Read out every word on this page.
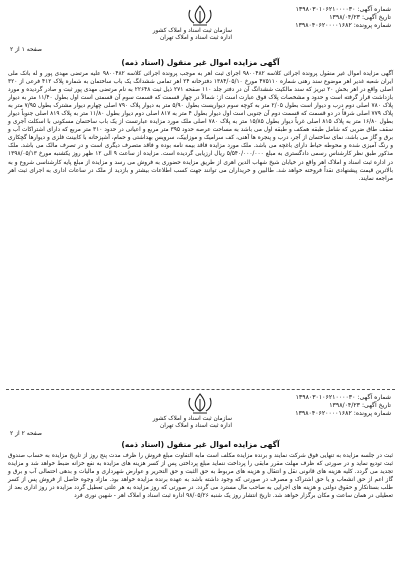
شماره آگهی: ۱۳۹۸۰۳۰۱۰۶۲۱۰۰۰۰۳۰
تاریخ آگهی: ۱۳۹۸/۰۴/۲۳
شماره پرونده: ۱۳۹۸۰۴۰۶۲۰۰۰۰۱۶۸۲
سازمان ثبت اسناد و املاک کشور
اداره ثبت اسناد و املاک تهران
صفحه ۱ از ۲
آگهی مزایده اموال غیر منقول (اسناد ذمه)
آگهی مزایده اموال غیر منقول پرونده اجرائی کلاسه ۹۸۰۰۴۸۲ اجرای ثبت اهر به موجب پرونده اجرائی کلاسه ۹۸۰۰۴۸۲ علیه مرتضی مهدی پور و له بانک ملی ایران شعبه غدیر اهر موضوع سند رهنی شماره ۴۷۵۱۱۰ مورخ ۱۳۸۴/۰۵/۱۰ دفترخانه ۲۴ اهر تمامی ششدانگ یک باب ساختمان به شماره پلاک ۴۱۲ فرعی از ۳۲۰ اصلی واقع در اهر بخش ۲۰ تبریز که سند مالکیت ششدانگ آن در دفتر جلد ۱۱۰ صفحه ۲۷۱ ذیل ثبت ۲۲۶۴۸ به نام مرتضی مهدی پور ثبت و صادر گردیده و مورد بازداشت قرار گرفته است و حدود و مشخصات پلاک فوق عبارت است از: شمالاً در چهار قسمت که قسمت سوم آن قسمتی است اول بطول ۱۱/۴۰ متر به دیوار پلاک ۷۸۰ اصلی دوم درب و دیوار است بطول ۲/۰۵ متر به کوچه سوم دیواریست بطول ۵/۹۰ متر به دیوار پلاک ۷۹۰ اصلی چهارم دیوار مشترک بطول ۷/۹۵ متر به پلاک ۷۷۹ اصلی شرقاً در دو قسمت که قسمت دوم آن جنوبی است اول دیوار بطول ۴ متر به ۸۱۷ اصلی دوم دیوار بطول ۱۱/۸۰ متر به پلاک ۸۱۹ اصلی جنوباً دیوار بطول ۱۶/۸۰ متر به پلاک ۸۱۵ اصلی غرباً دیوار بطول ۱۵/۸۵ متر به پلاک ۷۸۰ اصلی ملک مورد مزایده عبارتست از یک باب ساختمان مسکونی با اسکلت آجری و سقف طاق ضربی که شامل طبقه همکف و طبقه اول می باشد به مساحت عرصه حدود ۳۹۵ متر مربع و اعیانی در حدود ۳۱۰ متر مربع که دارای اشتراکات آب و برق و گاز می باشد، نمای ساختمان از آجر، درب و پنجره ها آهنی، کف سرامیک و موزاییک، سرویس بهداشتی و حمام، آشپزخانه با کابینت فلزی و دیوارها گچکاری و رنگ آمیزی شده و محوطه حیاط دارای باغچه می باشد. ملک مورد مزایده فاقد بیمه نامه بوده و فاقد متصرف دیگری است و در تصرف مالک می باشد. ملک مذکور طبق نظر کارشناس رسمی دادگستری به مبلغ ۵/۵۴۰/۰۰۰/۰۰۰ ریال ارزیابی گردیده است. مزایده از ساعت ۹ الی ۱۲ ظهر روز یکشنبه مورخ ۱۳۹۸/۰۵/۱۳ در اداره ثبت اسناد و املاک اهر واقع در خیابان شیخ شهاب الدین اهری از طریق مزایده حضوری به فروش می رسد و مزایده از مبلغ پایه کارشناسی شروع و به بالاترین قیمت پیشنهادی نقداً فروخته خواهد شد. طالبین و خریداران می توانند جهت کسب اطلاعات بیشتر و بازدید از ملک در ساعات اداری به اجرای ثبت اهر مراجعه نمایند.
شماره آگهی: ۱۳۹۸۰۳۰۱۰۶۲۱۰۰۰۰۳۰
تاریخ آگهی: ۱۳۹۸/۰۴/۲۳
شماره پرونده: ۱۳۹۸۰۴۰۶۲۰۰۰۰۱۶۸۲
سازمان ثبت اسناد و املاک کشور
اداره ثبت اسناد و املاک تهران
صفحه ۲ از ۲
آگهی مزایده اموال غیر منقول (اسناد ذمه)
ثبت در جلسه مزایده به تنهایی فوق شرکت نمایند و برنده مزایده مکلف است مابه التفاوت مبلغ فروش را ظرف مدت پنج روز از تاریخ مزایده به حساب صندوق ثبت تودیع نماید و در صورتی که ظرف مهلت مقرر مابقی را پرداخت ننماید مبلغ پرداختی پس از کسر هزینه های مزایده به نفع خزانه ضبط خواهد شد و مزایده تجدید می گردد. کلیه هزینه های قانونی نقل و انتقال و هزینه های مربوط به حق الثبت و حق التحریر و عوارض شهرداری و مالیات و بدهی احتمالی آب و برق و گاز اعم از حق انشعاب و یا حق اشتراک و مصرف در صورتی که وجود داشته باشد به عهده برنده مزایده خواهد بود. مازاد وجوه حاصل از فروش پس از کسر طلب بستانکار و حقوق دولتی و هزینه های اجرایی به صاحب مال مسترد می گردد. در صورتی که روز مزایده به هر علتی تعطیل گردد مزایده در روز اداری بعد از تعطیلی در همان ساعت و مکان برگزار خواهد شد. تاریخ انتشار روز یک شنبه ۹۸/۰۵/۲۶ اداره ثبت اسناد و املاک اهر - شهین نوری فرد
